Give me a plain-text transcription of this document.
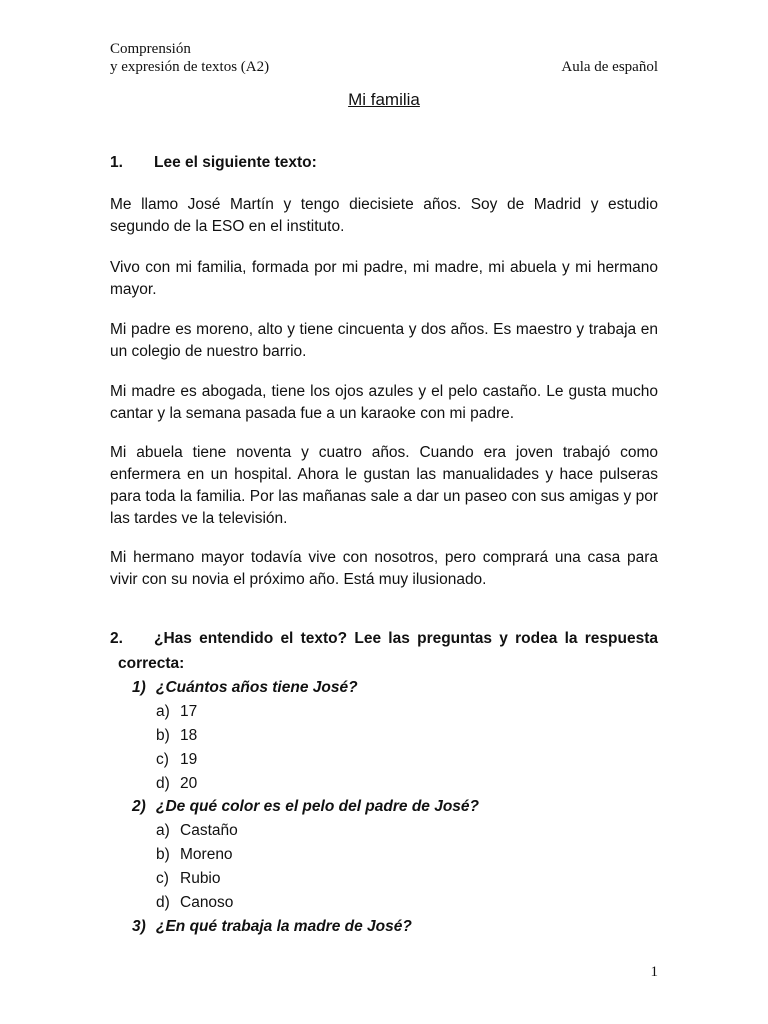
Comprensión
y expresión de textos (A2)	Aula de español
Mi familia
1. Lee el siguiente texto:

Me llamo José Martín y tengo diecisiete años. Soy de Madrid y estudio segundo de la ESO en el instituto.

Vivo con mi familia, formada por mi padre, mi madre, mi abuela y mi hermano mayor.

Mi padre es moreno, alto y tiene cincuenta y dos años. Es maestro y trabaja en un colegio de nuestro barrio.

Mi madre es abogada, tiene los ojos azules y el pelo castaño. Le gusta mucho cantar y la semana pasada fue a un karaoke con mi padre.

Mi abuela tiene noventa y cuatro años. Cuando era joven trabajó como enfermera en un hospital. Ahora le gustan las manualidades y hace pulseras para toda la familia. Por las mañanas sale a dar un paseo con sus amigas y por las tardes ve la televisión.

Mi hermano mayor todavía vive con nosotros, pero comprará una casa para vivir con su novia el próximo año. Está muy ilusionado.

2. ¿Has entendido el texto? Lee las preguntas y rodea la respuesta
correcta:
1) ¿Cuántos años tiene José?
a) 17
b) 18
c) 19
d) 20
2) ¿De qué color es el pelo del padre de José?
a) Castaño
b) Moreno
c) Rubio
d) Canoso
3) ¿En qué trabaja la madre de José?
1
